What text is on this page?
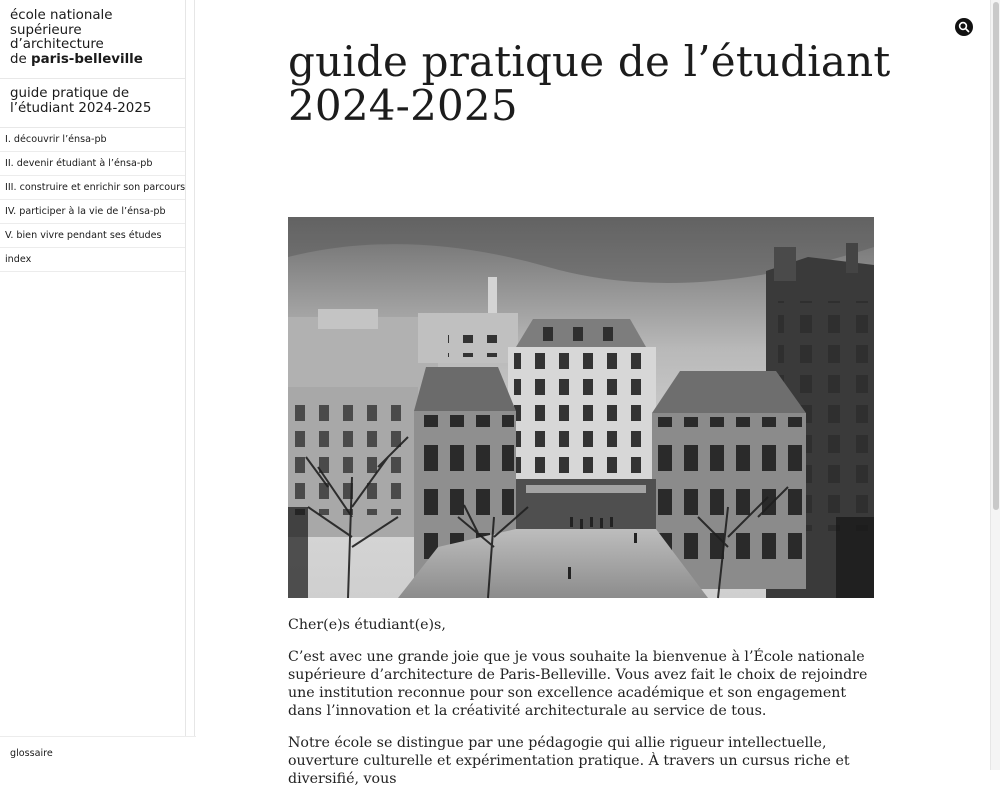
école nationale
supérieure
d’architecture
de paris-belleville
guide pratique de
l’étudiant 2024-2025
I. découvrir l’énsa-pb
II. devenir étudiant à l’énsa-pb
III. construire et enrichir son parcours
IV. participer à la vie de l’énsa-pb
V. bien vivre pendant ses études
index
glossaire
guide pratique de l’étudiant
2024-2025

Cher(e)s étudiant(e)s,

C’est avec une grande joie que je vous souhaite la bienvenue à l’École nationale supérieure d’architecture de Paris-Belleville. Vous avez fait le choix de rejoindre une institution reconnue pour son excellence académique et son engagement dans l’innovation et la créativité architecturale au service de tous.

Notre école se distingue par une pédagogie qui allie rigueur intellectuelle, ouverture culturelle et expérimentation pratique. À travers un cursus riche et diversifié, vous
